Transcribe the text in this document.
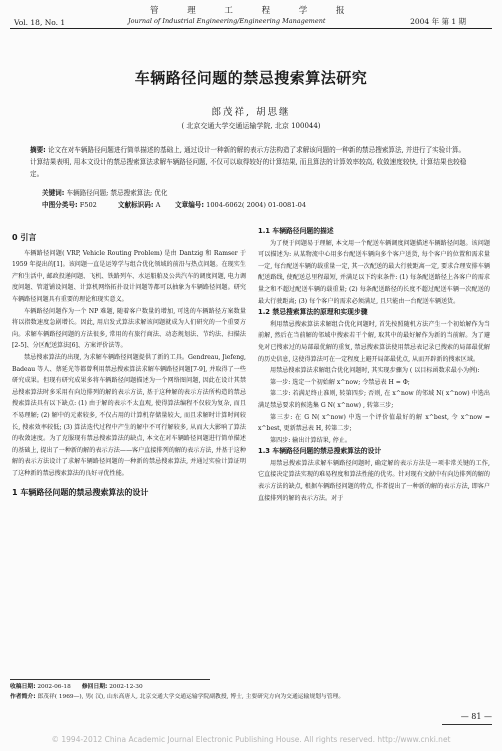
Vol. 18, No. 1
管 理 工 程 学 报
Journal of Industrial Engineering/Engineering Management	2004 年 第 1 期
车辆路径问题的禁忌搜索算法研究
郎茂祥, 胡思继
( 北京交通大学交通运输学院, 北京 100044)
摘要: 论文在对车辆路径问题进行简单描述的基础上, 通过设计一种新的解的表示方法构造了求解该问题的一种新的禁忌搜索算法, 并进行了实验计算。计算结果表明, 用本文设计的禁忌搜索算法求解车辆路径问题, 不仅可以取得较好的计算结果, 而且算法的计算效率较高, 收敛速度较快, 计算结果也较稳定。
关键词: 车辆路径问题; 禁忌搜索算法; 优化
中图分类号: F502	文献标识码: A 文章编号: 1004-6062( 2004) 01-0081-04
0 引言

车辆路径问题( VRP, Vehicle Routing Problem) 是由 Dantzig 和 Ramser 于 1959 年提出的[1]。该问题一直是运筹学与组合优化领域的前沿与热点问题。在现实生产和生活中, 邮政投递问题、飞机、铁路列车、水运船舶及公共汽车的调度问题, 电力调度问题、管道铺设问题、计算机网络拓扑设计问题等都可以抽象为车辆路径问题。研究车辆路径问题具有重要的理论和现实意义。

车辆路径问题作为一个 NP 难题, 随着客户数量的增加, 可选的车辆路径方案数量将以指数速度急剧增长。因此, 用启发式算法求解该问题就成为人们研究的一个重要方向。求解车辆路径问题的方法很多, 常用的有旅行商法、动态规划法、节约法、扫描法[2-5]、分区配送算法[6]、方案评价法等。

禁忌搜索算法的出现, 为求解车辆路径问题提供了新的工具。Gendreau, Jiefeng, Badeau 等人、蔡延光等都曾利用禁忌搜索算法求解车辆路径问题[7-9], 并取得了一些研究成果。但现有研究成果多将车辆路径问题描述为一个网络图问题, 因此在设计其禁忌搜索算法时多采用有向边排列的解的表示方法, 基于这种解的表示方法所构造的禁忌搜索算法具有以下缺点: (1) 由于解的表示不太直观, 使得算法编程不仅较为复杂, 而且不易理解; (2) 解中的元素较多, 不仅占用的计算机存储量较大, 而且求解时计算时间较长, 搜索效率较低; (3) 算法迭代过程中产生的解中不可行解较多, 从而大大影响了算法的收敛速度。为了克服现有禁忌搜索算法的缺点, 本文在对车辆路径问题进行简单描述的基础上, 提出了一种新的解的表示方法——客户直接排列的解的表示方法, 并基于这种解的表示方法设计了求解车辆路径问题的一种新的禁忌搜索算法, 并通过实验计算证明了这种新的禁忌搜索算法的良好寻优性能。

1 车辆路径问题的禁忌搜索算法的设计
1.1 车辆路径问题的描述

为了便于问题易于理解, 本文用一个配送车辆调度问题描述车辆路径问题。该问题可以描述为: 从某物流中心用多台配送车辆向多个客户送货, 每个客户的位置和需求量一定, 每台配送车辆的载重量一定, 其一次配送的最大行驶距离一定, 要求合理安排车辆配送路线, 使配送总里程最短, 并满足以下约束条件: (1) 每条配送路径上各客户的需求量之和不超过配送车辆的载重量; (2) 每条配送路径的长度不超过配送车辆一次配送的最大行驶距离; (3) 每个客户的需求必须满足, 且只能由一台配送车辆送货。

1.2 禁忌搜索算法的原理和实现步骤

利用禁忌搜索算法求解组合优化问题时, 首先按照随机方法产生一个初始解作为当前解, 然后在当前解的邻域中搜索若干个解, 取其中的最好解作为新的当前解。为了避免对已搜索过的局部最优解的重复, 禁忌搜索算法使用禁忌表记录已搜索的局部最优解的历史信息, 这使得算法可在一定程度上避开局部最优点, 从而开辟新的搜索区域。

用禁忌搜索算法求解组合优化问题时, 其实现步骤为 ( 以目标函数求最小为例):

第一步: 选定一个初始解 x^now; 令禁忌表 H = Φ;

第二步: 若满足终止准则, 转第四步; 否则, 在 x^now 的邻域 N( x^now) 中选出满足禁忌要求的候选集 G N( x^now) , 转第三步;

第三步: 在 G N( x^now) 中选一个评价值最好的解 x^best, 令 x^now = x^best, 更新禁忌表 H, 转第二步;

第四步: 输出计算结果, 停止。

1.3 车辆路径问题的禁忌搜索算法的设计

用禁忌搜索算法求解车辆路径问题时, 确定解的表示方法是一项非常关键的工作, 它直接决定算法实现的难易程度和算法性能的优劣。针对现有文献中有向边排列的解的表示方法的缺点, 根据车辆路径问题的特点, 作者提出了一种新的解的表示方法, 即客户直接排列的解的表示方法。对于

收稿日期: 2002-06-18 修回日期: 2002-12-30
作者简介: 郎茂祥( 1969—), 男( 汉), 山东高唐人, 北京交通大学交通运输学院副教授, 博士, 主要研究方向为交通运输规划与管理。
— 81 —
© 1994-2012 China Academic Journal Electronic Publishing House. All rights reserved. http://www.cnki.net
